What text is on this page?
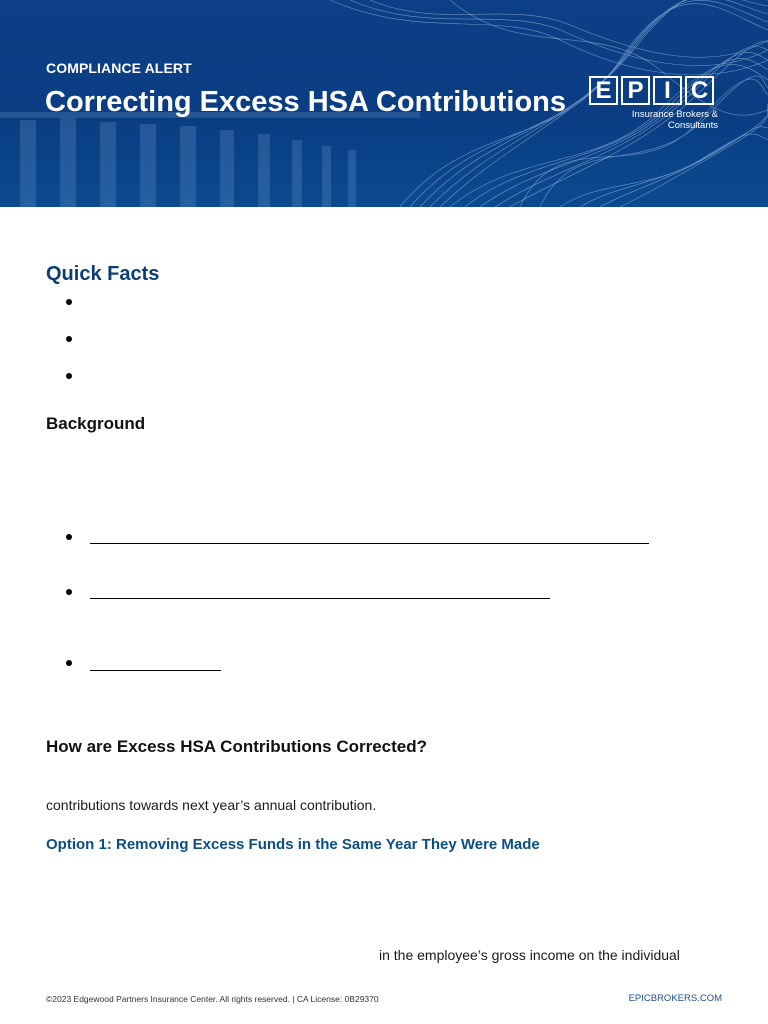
COMPLIANCE ALERT
Correcting Excess HSA Contributions E P I C
Insurance Brokers &
Consultants
Quick Facts
Background
How are Excess HSA Contributions Corrected?
contributions towards next year’s annual contribution.
Option 1: Removing Excess Funds in the Same Year They Were Made
in the employee’s gross income on the individual
©2023 Edgewood Partners Insurance Center. All rights reserved. | CA License: 0B29370	EPICBROKERS.COM
